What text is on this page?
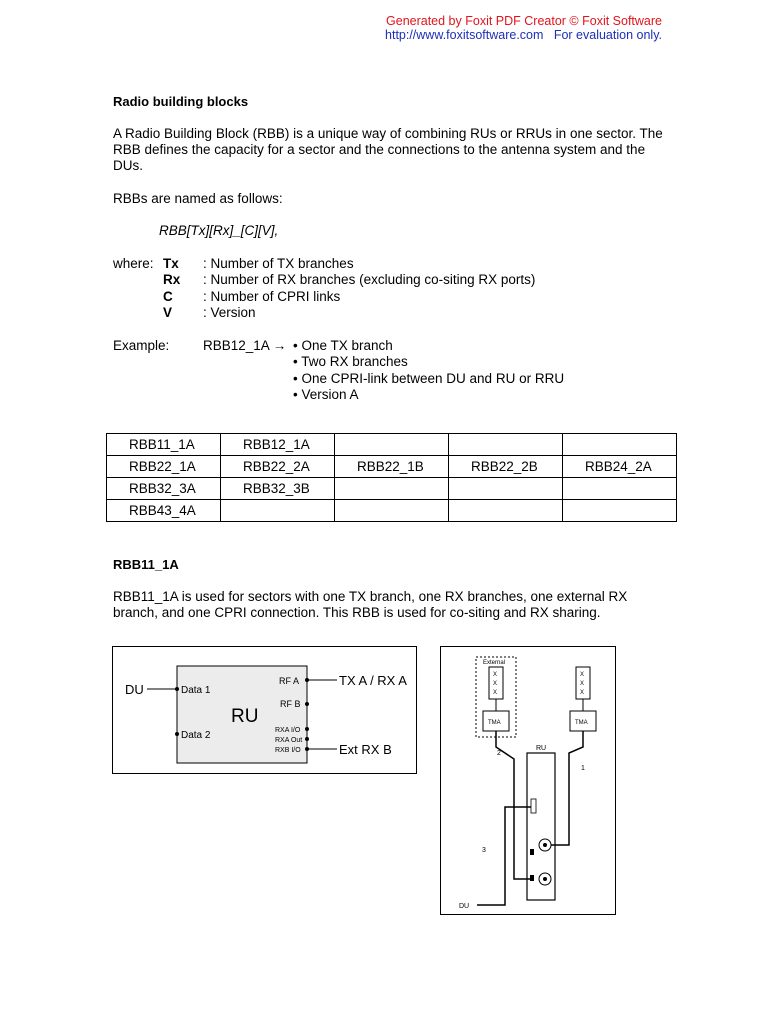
Generated by Foxit PDF Creator © Foxit Software
http://www.foxitsoftware.com For evaluation only.
Radio building blocks
A Radio Building Block (RBB) is a unique way of combining RUs or RRUs in one sector. The RBB defines the capacity for a sector and the connections to the antenna system and the DUs.
RBBs are named as follows:
RBB[Tx][Rx]_[C][V],
where:	Tx	: Number of TX branches
	Rx	: Number of RX branches (excluding co-siting RX ports)
	C	: Number of CPRI links
	V	: Version
Example: RBB12_1A → • One TX branch
• Two RX branches
• One CPRI-link between DU and RU or RRU
• Version A
RBB11_1A	RBB12_1A			
RBB22_1A	RBB22_2A	RBB22_1B	RBB22_2B	RBB24_2A
RBB32_3A	RBB32_3B			
RBB43_4A				
RBB11_1A
RBB11_1A is used for sectors with one TX branch, one RX branches, one external RX branch, and one CPRI connection. This RBB is used for co-siting and RX sharing.
DU	Data 1
Data 2
RU
RF A	TX A / RX A
RF B
RXA I/O
RXA Out
RXB I/O	Ext RX B
External
X
X
X
TMA
X
X
X
TMA
RU
1
2
3
DU
